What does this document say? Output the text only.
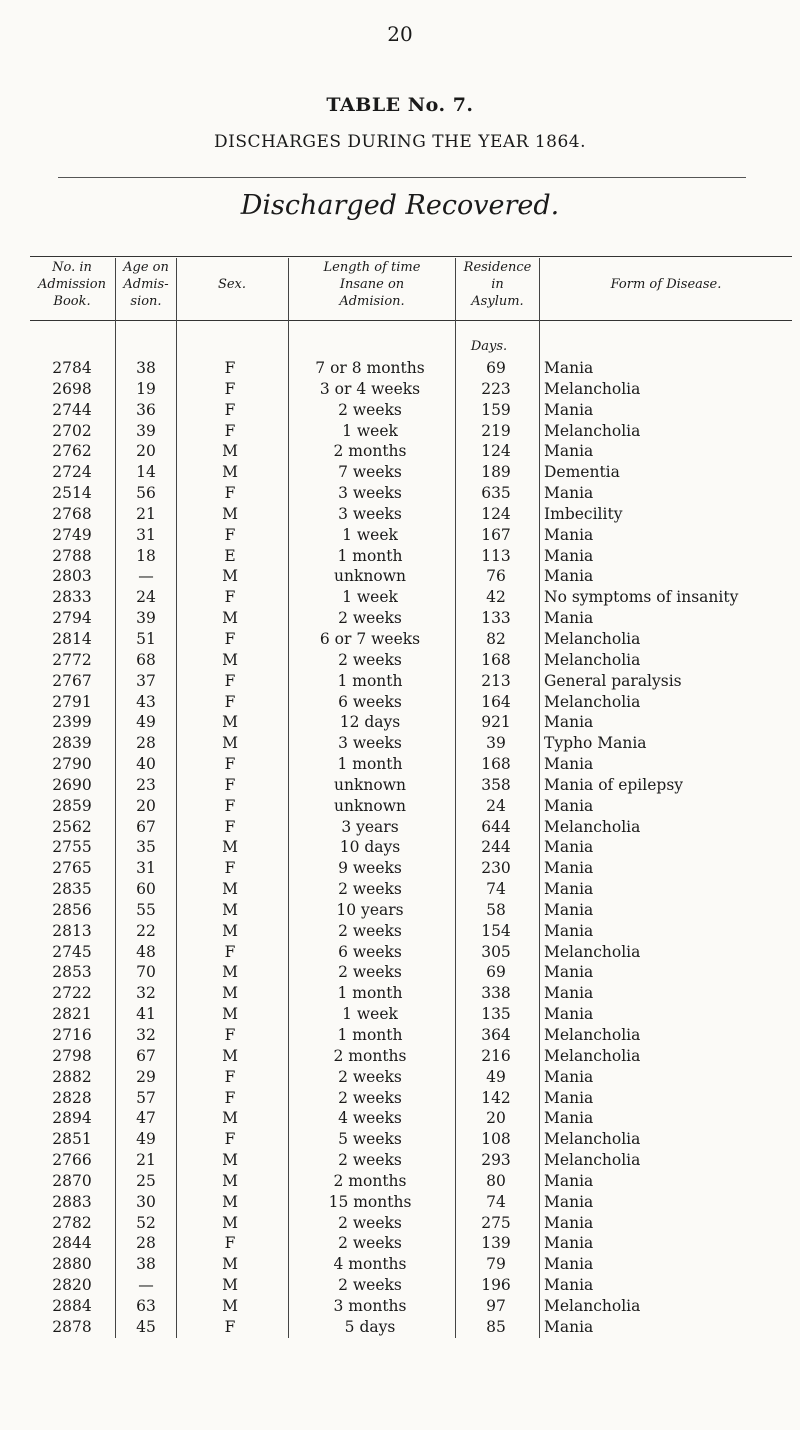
20
TABLE No. 7.
DISCHARGES DURING THE YEAR 1864.
Discharged Recovered.
No. in
Admission
Book.
Age on
Admis-
sion.
Sex.
Length of time
Insane on
Admision.
Residence
in
Asylum.
Form of Disease.
Days.
2784	38	F	7 or 8 months	69	Mania
2698	19	F	3 or 4 weeks	223	Melancholia
2744	36	F	2 weeks	159	Mania
2702	39	F	1 week	219	Melancholia
2762	20	M	2 months	124	Mania
2724	14	M	7 weeks	189	Dementia
2514	56	F	3 weeks	635	Mania
2768	21	M	3 weeks	124	Imbecility
2749	31	F	1 week	167	Mania
2788	18	E	1 month	113	Mania
2803	—	M	unknown	76	Mania
2833	24	F	1 week	42	No symptoms of insanity
2794	39	M	2 weeks	133	Mania
2814	51	F	6 or 7 weeks	82	Melancholia
2772	68	M	2 weeks	168	Melancholia
2767	37	F	1 month	213	General paralysis
2791	43	F	6 weeks	164	Melancholia
2399	49	M	12 days	921	Mania
2839	28	M	3 weeks	39	Typho Mania
2790	40	F	1 month	168	Mania
2690	23	F	unknown	358	Mania of epilepsy
2859	20	F	unknown	24	Mania
2562	67	F	3 years	644	Melancholia
2755	35	M	10 days	244	Mania
2765	31	F	9 weeks	230	Mania
2835	60	M	2 weeks	74	Mania
2856	55	M	10 years	58	Mania
2813	22	M	2 weeks	154	Mania
2745	48	F	6 weeks	305	Melancholia
2853	70	M	2 weeks	69	Mania
2722	32	M	1 month	338	Mania
2821	41	M	1 week	135	Mania
2716	32	F	1 month	364	Melancholia
2798	67	M	2 months	216	Melancholia
2882	29	F	2 weeks	49	Mania
2828	57	F	2 weeks	142	Mania
2894	47	M	4 weeks	20	Mania
2851	49	F	5 weeks	108	Melancholia
2766	21	M	2 weeks	293	Melancholia
2870	25	M	2 months	80	Mania
2883	30	M	15 months	74	Mania
2782	52	M	2 weeks	275	Mania
2844	28	F	2 weeks	139	Mania
2880	38	M	4 months	79	Mania
2820	—	M	2 weeks	196	Mania
2884	63	M	3 months	97	Melancholia
2878	45	F	5 days	85	Mania
